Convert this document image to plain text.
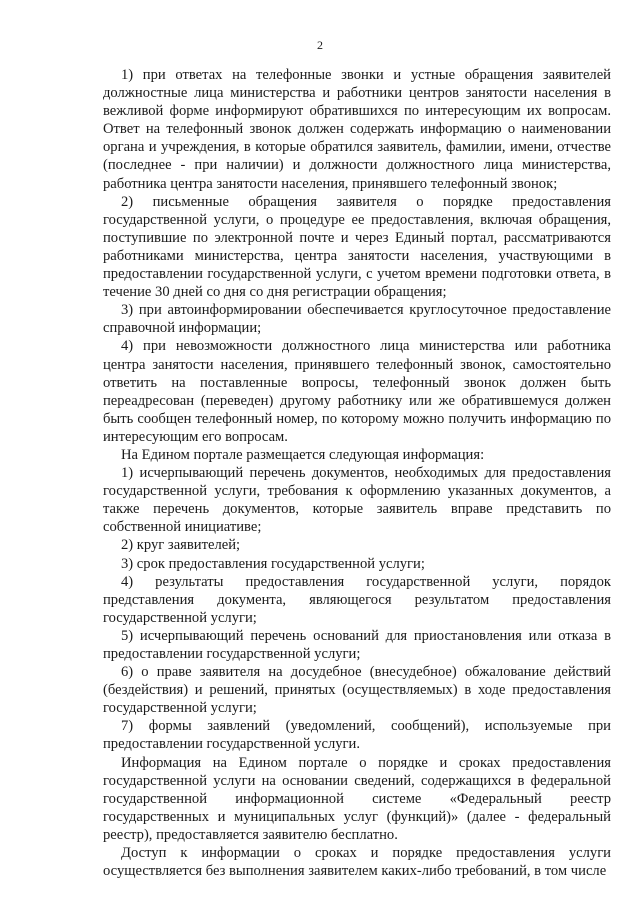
2

1) при ответах на телефонные звонки и устные обращения заявителей должностные лица министерства и работники центров занятости населения в вежливой форме информируют обратившихся по интересующим их вопросам. Ответ на телефонный звонок должен содержать информацию о наименовании органа и учреждения, в которые обратился заявитель, фамилии, имени, отчестве (последнее - при наличии) и должности должностного лица министерства, работника центра занятости населения, принявшего телефонный звонок;

2) письменные обращения заявителя о порядке предоставления государственной услуги, о процедуре ее предоставления, включая обращения, поступившие по электронной почте и через Единый портал, рассматриваются работниками министерства, центра занятости населения, участвующими в предоставлении государственной услуги, с учетом времени подготовки ответа, в течение 30 дней со дня со дня регистрации обращения;

3) при автоинформировании обеспечивается круглосуточное предоставление справочной информации;

4) при невозможности должностного лица министерства или работника центра занятости населения, принявшего телефонный звонок, самостоятельно ответить на поставленные вопросы, телефонный звонок должен быть переадресован (переведен) другому работнику или же обратившемуся должен быть сообщен телефонный номер, по которому можно получить информацию по интересующим его вопросам.

На Едином портале размещается следующая информация:

1) исчерпывающий перечень документов, необходимых для предоставления государственной услуги, требования к оформлению указанных документов, а также перечень документов, которые заявитель вправе представить по собственной инициативе;

2) круг заявителей;

3) срок предоставления государственной услуги;

4) результаты предоставления государственной услуги, порядок представления документа, являющегося результатом предоставления государственной услуги;

5) исчерпывающий перечень оснований для приостановления или отказа в предоставлении государственной услуги;

6) о праве заявителя на досудебное (внесудебное) обжалование действий (бездействия) и решений, принятых (осуществляемых) в ходе предоставления государственной услуги;

7) формы заявлений (уведомлений, сообщений), используемые при предоставлении государственной услуги.

Информация на Едином портале о порядке и сроках предоставления государственной услуги на основании сведений, содержащихся в федеральной государственной информационной системе «Федеральный реестр государственных и муниципальных услуг (функций)» (далее - федеральный реестр), предоставляется заявителю бесплатно.

Доступ к информации о сроках и порядке предоставления услуги осуществляется без выполнения заявителем каких-либо требований, в том числе
